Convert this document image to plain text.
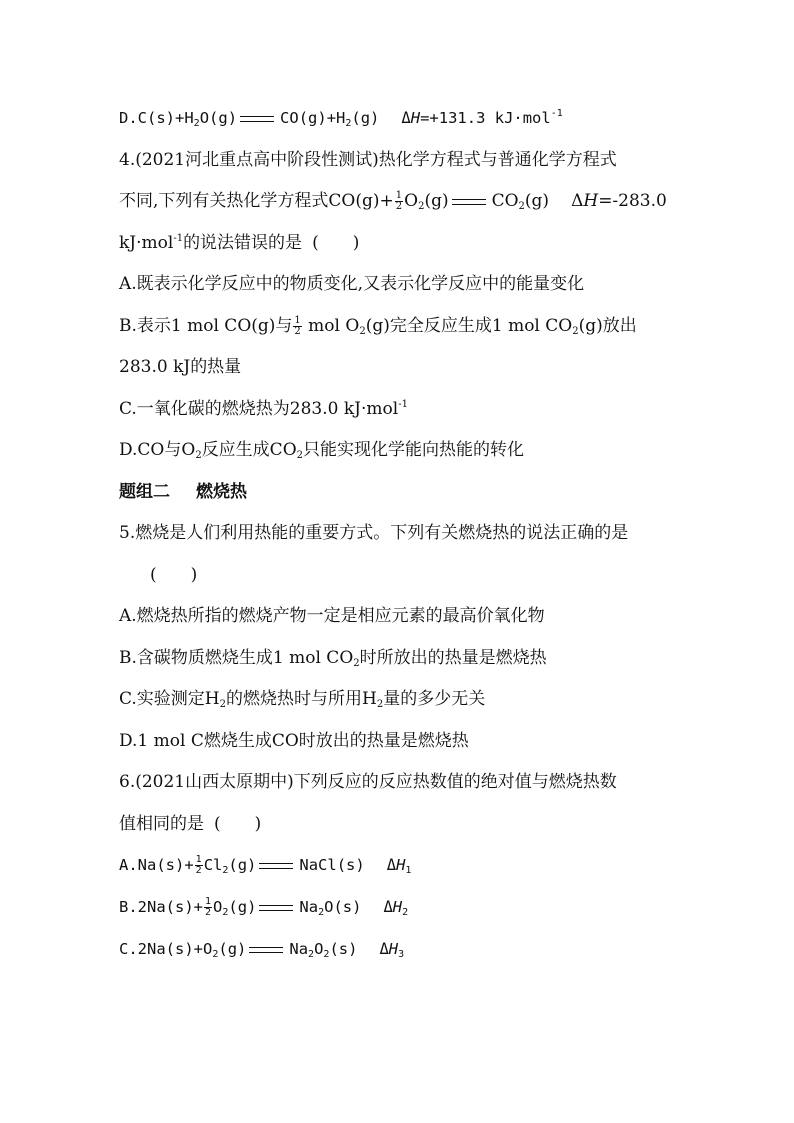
$D.C(s)+H_2O(g)$	$CO(g)+H_2(g)$ ΔH=+131.3 kJ·mol$^{-1}$
4.(2021河北重点高中阶段性测试)热化学方程式与普通化学方程式
不同,下列有关热化学方程式$CO(g)+ \frac{1}{2} O_2(g)$	$CO_2(g)$ ΔH=-283.0
kJ·mol$^{-1}$的说法错误的是 (　　)
A.既表示化学反应中的物质变化,又表示化学反应中的能量变化
B.表示1 mol CO(g)与 $\frac{1}{2}$ mol $O_2(g)$完全反应生成1 mol $CO_2(g)$放出
283.0 kJ的热量
C.一氧化碳的燃烧热为283.0 kJ·mol$^{-1}$
D.CO与$O_2$反应生成$CO_2$只能实现化学能向热能的转化
题组二 燃烧热
5.燃烧是人们利用热能的重要方式。下列有关燃烧热的说法正确的是
(　　)
A.燃烧热所指的燃烧产物一定是相应元素的最高价氧化物
B.含碳物质燃烧生成1 mol $CO_2$时所放出的热量是燃烧热
C.实验测定$H_2$的燃烧热时与所用$H_2$量的多少无关
D.1 mol C燃烧生成CO时放出的热量是燃烧热
6.(2021山西太原期中)下列反应的反应热数值的绝对值与燃烧热数
值相同的是 (　　)
$A.Na(s)+ \frac{1}{2} Cl_2(g)$	NaCl(s) $\Delta H_1$
$B.2Na(s)+ \frac{1}{2} O_2(g)$	$Na_2O(s)$ $\Delta H_2$
$C.2Na(s)+O_2(g)$	$Na_2O_2(s)$ $\Delta H_3$
